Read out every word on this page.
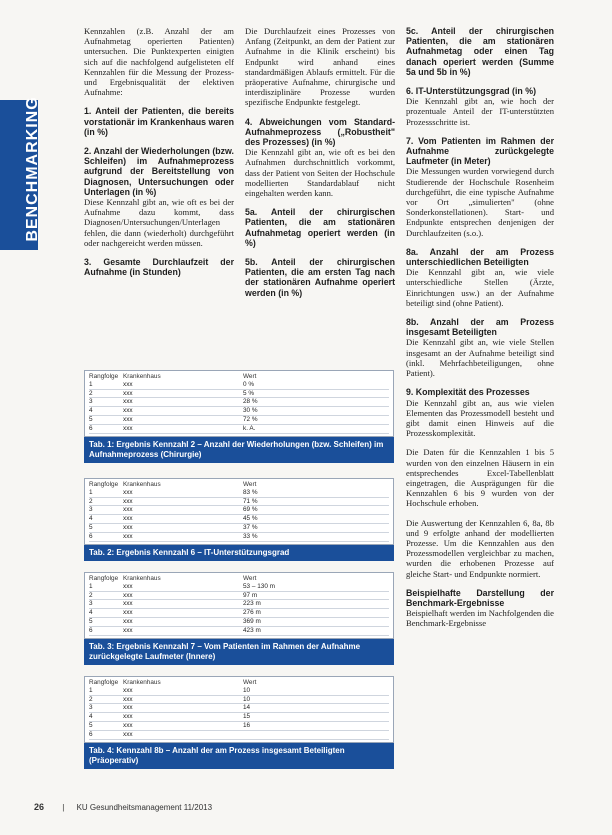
BENCHMARKING

Kennzahlen (z.B. Anzahl der am Aufnahmetag operierten Patienten) untersuchen. Die Punktexperten einigten sich auf die nachfolgend aufgelisteten elf Kennzahlen für die Messung der Prozess- und Ergebnisqualität der elektiven Aufnahme:

1. Anteil der Patienten, die bereits vorstationär im Krankenhaus waren (in %)

2. Anzahl der Wiederholungen (bzw. Schleifen) im Aufnahmeprozess aufgrund der Bereitstellung von Diagnosen, Untersuchungen oder Unterlagen (in %)

Diese Kennzahl gibt an, wie oft es bei der Aufnahme dazu kommt, dass Diagnosen/Untersuchungen/Unterlagen fehlen, die dann (wiederholt) durchgeführt oder nachgereicht werden müssen.

3. Gesamte Durchlaufzeit der Aufnahme (in Stunden)

Die Durchlaufzeit eines Prozesses von Anfang (Zeitpunkt, an dem der Patient zur Aufnahme in die Klinik erscheint) bis Endpunkt wird anhand eines standardmäßigen Ablaufs ermittelt. Für die präoperative Aufnahme, chirurgische und interdisziplinäre Prozesse wurden spezifische Endpunkte festgelegt.

4. Abweichungen vom Standard-Aufnahmeprozess („Robustheit" des Prozesses) (in %)

Die Kennzahl gibt an, wie oft es bei den Aufnahmen durchschnittlich vorkommt, dass der Patient von Seiten der Hochschule modellierten Standardablauf nicht eingehalten werden kann.

5a. Anteil der chirurgischen Patienten, die am stationären Aufnahmetag operiert werden (in %)

5b. Anteil der chirurgischen Patienten, die am ersten Tag nach der stationären Aufnahme operiert werden (in %)
5c. Anteil der chirurgischen Patienten, die am stationären Aufnahmetag oder einen Tag danach operiert werden (Summe 5a und 5b in %)

6. IT-Unterstützungsgrad (in %)

Die Kennzahl gibt an, wie hoch der prozentuale Anteil der IT-unterstützten Prozessschritte ist.

7. Vom Patienten im Rahmen der Aufnahme zurückgelegte Laufmeter (in Meter)

Die Messungen wurden vorwiegend durch Studierende der Hochschule Rosenheim durchgeführt, die eine typische Aufnahme vor Ort „simulierten" (ohne Sonderkonstellationen). Start- und Endpunkte entsprechen denjenigen der Durchlaufzeiten (s.o.).

8a. Anzahl der am Prozess unterschiedlichen Beteiligten

Die Kennzahl gibt an, wie viele unterschiedliche Stellen (Ärzte, Einrichtungen usw.) an der Aufnahme beteiligt sind (ohne Patient).

8b. Anzahl der am Prozess insgesamt Beteiligten

Die Kennzahl gibt an, wie viele Stellen insgesamt an der Aufnahme beteiligt sind (inkl. Mehrfachbeteiligungen, ohne Patient).

9. Komplexität des Prozesses

Die Kennzahl gibt an, aus wie vielen Elementen das Prozessmodell besteht und gibt damit einen Hinweis auf die Prozesskomplexität.

Die Daten für die Kennzahlen 1 bis 5 wurden von den einzelnen Häusern in ein entsprechendes Excel-Tabellenblatt eingetragen, die Ausprägungen für die Kennzahlen 6 bis 9 wurden von der Hochschule erhoben.

Die Auswertung der Kennzahlen 6, 8a, 8b und 9 erfolgte anhand der modellierten Prozesse. Um die Kennzahlen aus den Prozessmodellen vergleichbar zu machen, wurden die erhobenen Prozesse auf gleiche Start- und Endpunkte normiert.

Beispielhafte Darstellung der Benchmark-Ergebnisse

Beispielhaft werden im Nachfolgenden die Benchmark-Ergebnisse

Rangfolge Krankenhaus	Wert
1	xxx	0 %
2	xxx	5 %
3	xxx	28 %
4	xxx	30 %
5	xxx	72 %
6	xxx	k. A.
Tab. 1: Ergebnis Kennzahl 2 – Anzahl der Wiederholungen (bzw. Schleifen) im Aufnahmeprozess (Chirurgie)
Rangfolge Krankenhaus	Wert
1	xxx	83 %
2	xxx	71 %
3	xxx	69 %
4	xxx	45 %
5	xxx	37 %
6	xxx	33 %
Tab. 2: Ergebnis Kennzahl 6 – IT-Unterstützungsgrad
Rangfolge Krankenhaus	Wert
1	xxx	53 – 130 m
2	xxx	97 m
3	xxx	223 m
4	xxx	276 m
5	xxx	369 m
6	xxx	423 m
Tab. 3: Ergebnis Kennzahl 7 – Vom Patienten im Rahmen der Aufnahme zurückgelegte Laufmeter (Innere)
Rangfolge Krankenhaus	Wert
1	xxx	10
2	xxx	10
3	xxx	14
4	xxx	15
5	xxx	16
6	xxx
Tab. 4: Kennzahl 8b – Anzahl der am Prozess insgesamt Beteiligten (Präoperativ)
26 | KU Gesundheitsmanagement 11/2013
